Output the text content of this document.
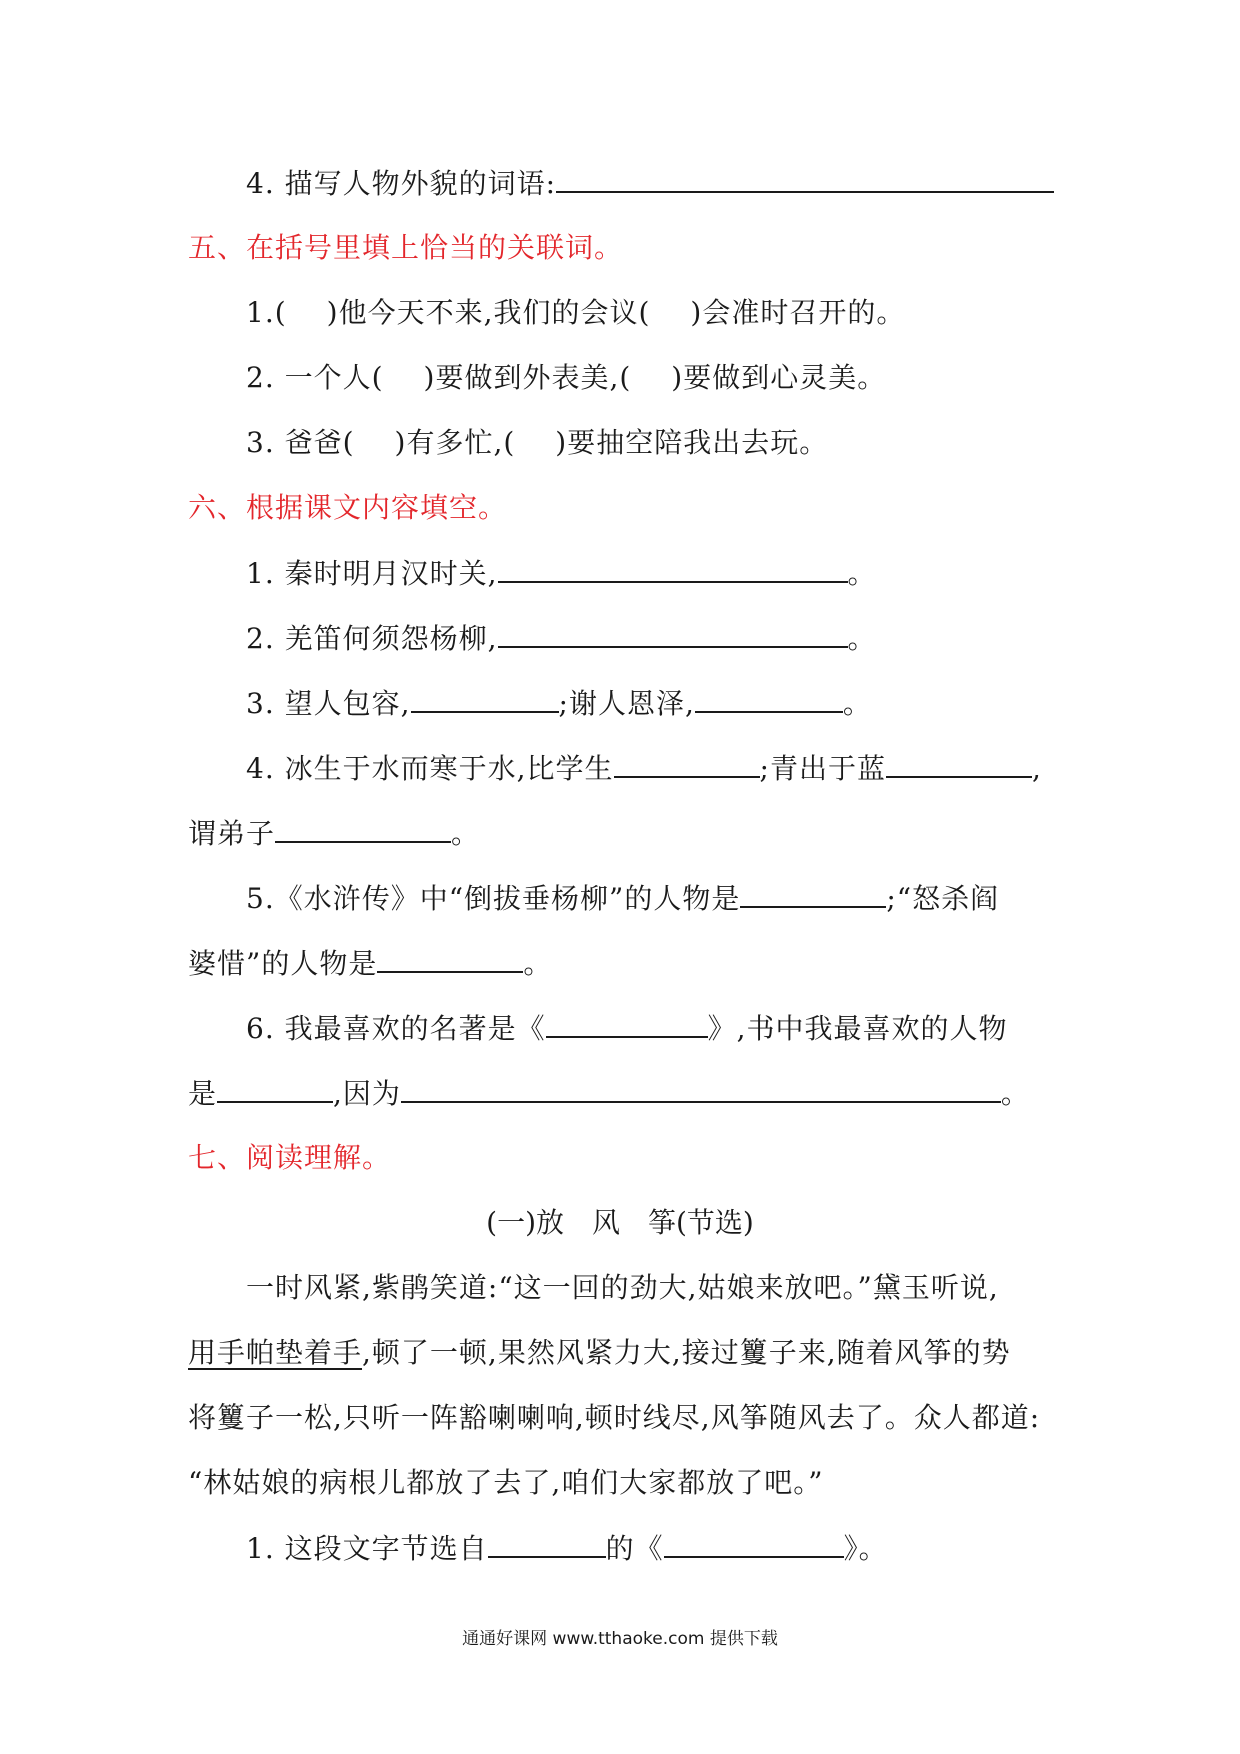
4. 描写人物外貌的词语:
五、在括号里填上恰当的关联词。
1.( )他今天不来,我们的会议( )会准时召开的。
2. 一个人( )要做到外表美,( )要做到心灵美。
3. 爸爸( )有多忙,( )要抽空陪我出去玩。
六、根据课文内容填空。
1. 秦时明月汉时关,	。
2. 羌笛何须怨杨柳,	。
3. 望人包容,	;谢人恩泽,	。
4. 冰生于水而寒于水,比学生	;青出于蓝	,
谓弟子	。
5.《水浒传》中“倒拔垂杨柳”的人物是	;“怒杀阎
婆惜”的人物是	。
6. 我最喜欢的名著是《	》,书中我最喜欢的人物
是	,因为	。
七、阅读理解。
(一)放　风　筝(节选)
一时风紧,紫鹃笑道:“这一回的劲大,姑娘来放吧。”黛玉听说,
用手帕垫着手,顿了一顿,果然风紧力大,接过籰子来,随着风筝的势
将籰子一松,只听一阵豁喇喇响,顿时线尽,风筝随风去了。众人都道:
“林姑娘的病根儿都放了去了,咱们大家都放了吧。”
1. 这段文字节选自	的《	》。
通通好课网 www.tthaoke.com 提供下载
